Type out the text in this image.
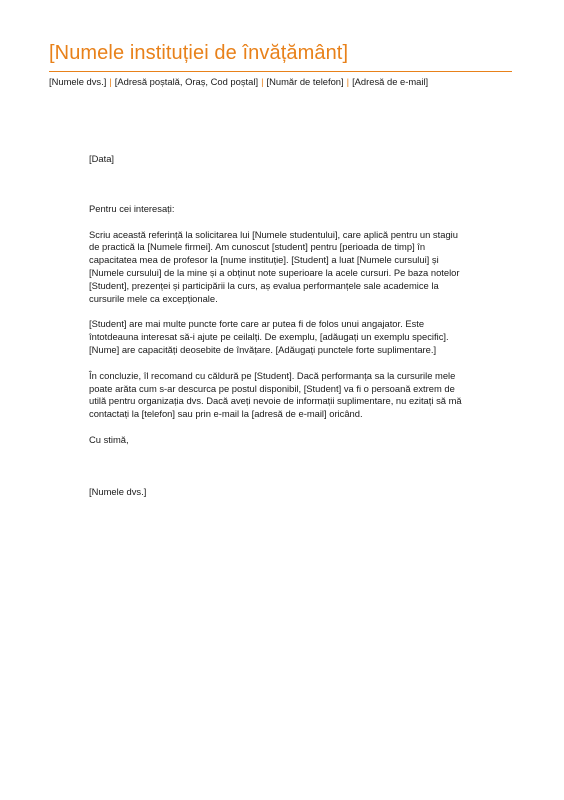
[Numele instituției de învățământ]
[Numele dvs.] | [Adresă poștală, Oraș, Cod poștal] | [Număr de telefon] | [Adresă de e-mail]

[Data]

Pentru cei interesați:

Scriu această referință la solicitarea lui [Numele studentului], care aplică pentru un stagiu de practică la [Numele firmei]. Am cunoscut [student] pentru [perioada de timp] în capacitatea mea de profesor la [nume instituție]. [Student] a luat [Numele cursului] și [Numele cursului] de la mine și a obținut note superioare la acele cursuri. Pe baza notelor [Student], prezenței și participării la curs, aș evalua performanțele sale academice la cursurile mele ca excepționale.

[Student] are mai multe puncte forte care ar putea fi de folos unui angajator. Este întotdeauna interesat să-i ajute pe ceilalți. De exemplu, [adăugați un exemplu specific]. [Nume] are capacități deosebite de învățare. [Adăugați punctele forte suplimentare.]

În concluzie, îl recomand cu căldură pe [Student]. Dacă performanța sa la cursurile mele poate arăta cum s-ar descurca pe postul disponibil, [Student] va fi o persoană extrem de utilă pentru organizația dvs. Dacă aveți nevoie de informații suplimentare, nu ezitați să mă contactați la [telefon] sau prin e-mail la [adresă de e-mail] oricând.

Cu stimă,

[Numele dvs.]
